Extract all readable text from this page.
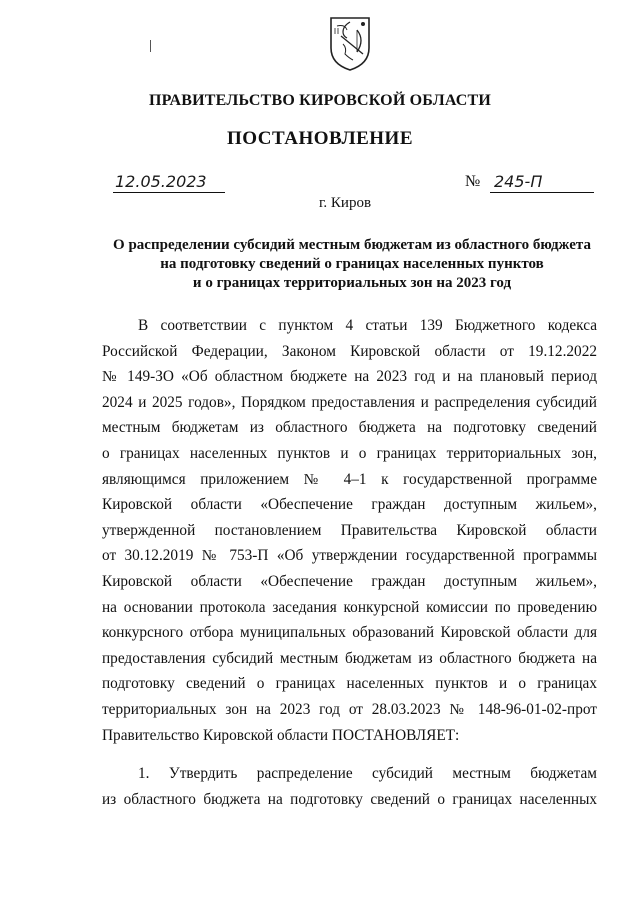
ПРАВИТЕЛЬСТВО КИРОВСКОЙ ОБЛАСТИ
ПОСТАНОВЛЕНИЕ
12.05.2023	№ 245-П
г. Киров
О распределении субсидий местным бюджетам из областного бюджета
на подготовку сведений о границах населенных пунктов
и о границах территориальных зон на 2023 год
В соответствии с пунктом 4 статьи 139 Бюджетного кодекса
Российской Федерации, Законом Кировской области от 19.12.2022
№ 149-ЗО «Об областном бюджете на 2023 год и на плановый период
2024 и 2025 годов», Порядком предоставления и распределения субсидий
местным бюджетам из областного бюджета на подготовку сведений
о границах населенных пунктов и о границах территориальных зон,
являющимся приложением № 4–1 к государственной программе
Кировской области «Обеспечение граждан доступным жильем»,
утвержденной постановлением Правительства Кировской области
от 30.12.2019 № 753-П «Об утверждении государственной программы
Кировской области «Обеспечение граждан доступным жильем»,
на основании протокола заседания конкурсной комиссии по проведению
конкурсного отбора муниципальных образований Кировской области для
предоставления субсидий местным бюджетам из областного бюджета на
подготовку сведений о границах населенных пунктов и о границах
территориальных зон на 2023 год от 28.03.2023 № 148-96-01-02-прот
Правительство Кировской области ПОСТАНОВЛЯЕТ:
1. Утвердить распределение субсидий местным бюджетам
из областного бюджета на подготовку сведений о границах населенных
